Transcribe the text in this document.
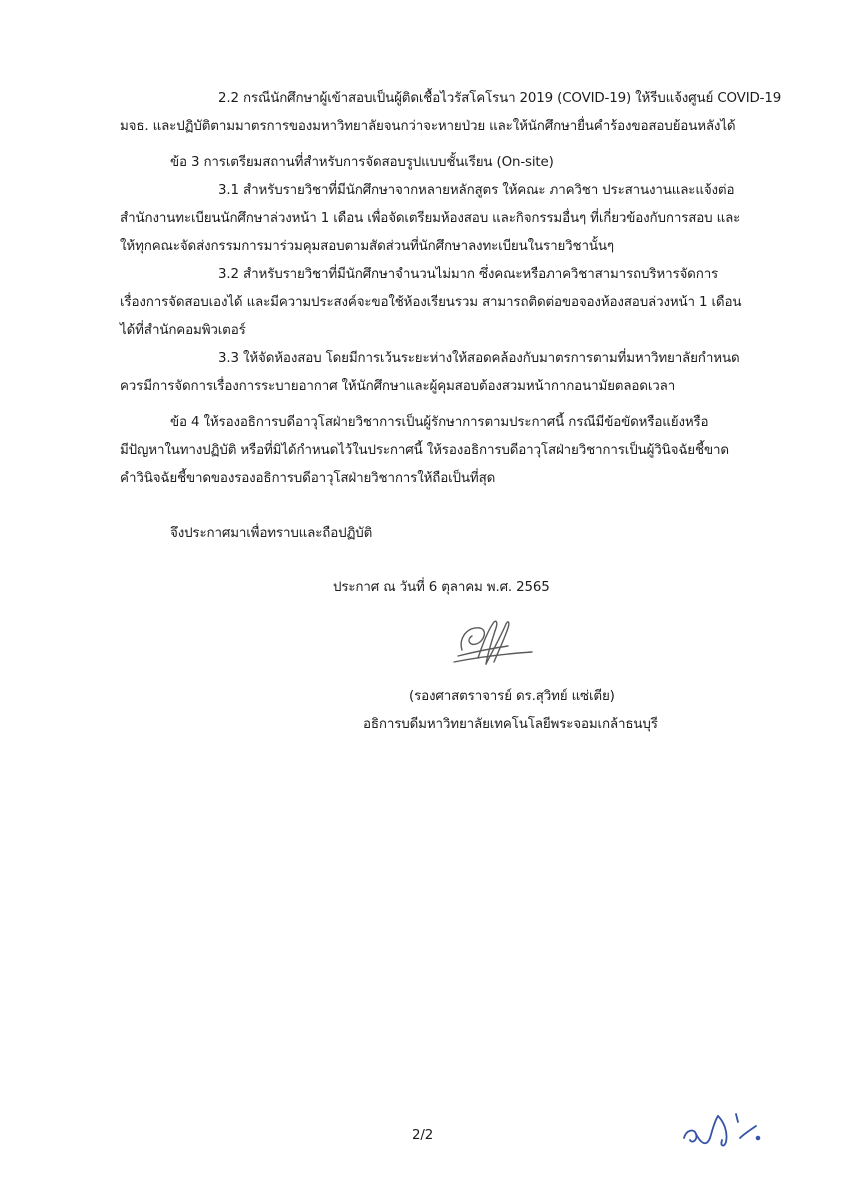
2.2 กรณีนักศึกษาผู้เข้าสอบเป็นผู้ติดเชื้อไวรัสโคโรนา 2019 (COVID-19) ให้รีบแจ้งศูนย์ COVID-19

มจธ. และปฏิบัติตามมาตรการของมหาวิทยาลัยจนกว่าจะหายป่วย และให้นักศึกษายื่นคำร้องขอสอบย้อนหลังได้

ข้อ 3 การเตรียมสถานที่สำหรับการจัดสอบรูปแบบชั้นเรียน (On-site)

3.1 สำหรับรายวิชาที่มีนักศึกษาจากหลายหลักสูตร ให้คณะ ภาควิชา ประสานงานและแจ้งต่อ

สำนักงานทะเบียนนักศึกษาล่วงหน้า 1 เดือน เพื่อจัดเตรียมห้องสอบ และกิจกรรมอื่นๆ ที่เกี่ยวข้องกับการสอบ และ

ให้ทุกคณะจัดส่งกรรมการมาร่วมคุมสอบตามสัดส่วนที่นักศึกษาลงทะเบียนในรายวิชานั้นๆ

3.2 สำหรับรายวิชาที่มีนักศึกษาจำนวนไม่มาก ซึ่งคณะหรือภาควิชาสามารถบริหารจัดการ

เรื่องการจัดสอบเองได้ และมีความประสงค์จะขอใช้ห้องเรียนรวม สามารถติดต่อขอจองห้องสอบล่วงหน้า 1 เดือน

ได้ที่สำนักคอมพิวเตอร์

3.3 ให้จัดห้องสอบ โดยมีการเว้นระยะห่างให้สอดคล้องกับมาตรการตามที่มหาวิทยาลัยกำหนด

ควรมีการจัดการเรื่องการระบายอากาศ ให้นักศึกษาและผู้คุมสอบต้องสวมหน้ากากอนามัยตลอดเวลา

ข้อ 4 ให้รองอธิการบดีอาวุโสฝ่ายวิชาการเป็นผู้รักษาการตามประกาศนี้ กรณีมีข้อขัดหรือแย้งหรือ

มีปัญหาในทางปฏิบัติ หรือที่มิได้กำหนดไว้ในประกาศนี้ ให้รองอธิการบดีอาวุโสฝ่ายวิชาการเป็นผู้วินิจฉัยชี้ขาด

คำวินิจฉัยชี้ขาดของรองอธิการบดีอาวุโสฝ่ายวิชาการให้ถือเป็นที่สุด

จึงประกาศมาเพื่อทราบและถือปฏิบัติ

ประกาศ ณ วันที่ 6 ตุลาคม พ.ศ. 2565

(รองศาสตราจารย์ ดร.สุวิทย์ แซ่เตีย)

อธิการบดีมหาวิทยาลัยเทคโนโลยีพระจอมเกล้าธนบุรี

2/2
